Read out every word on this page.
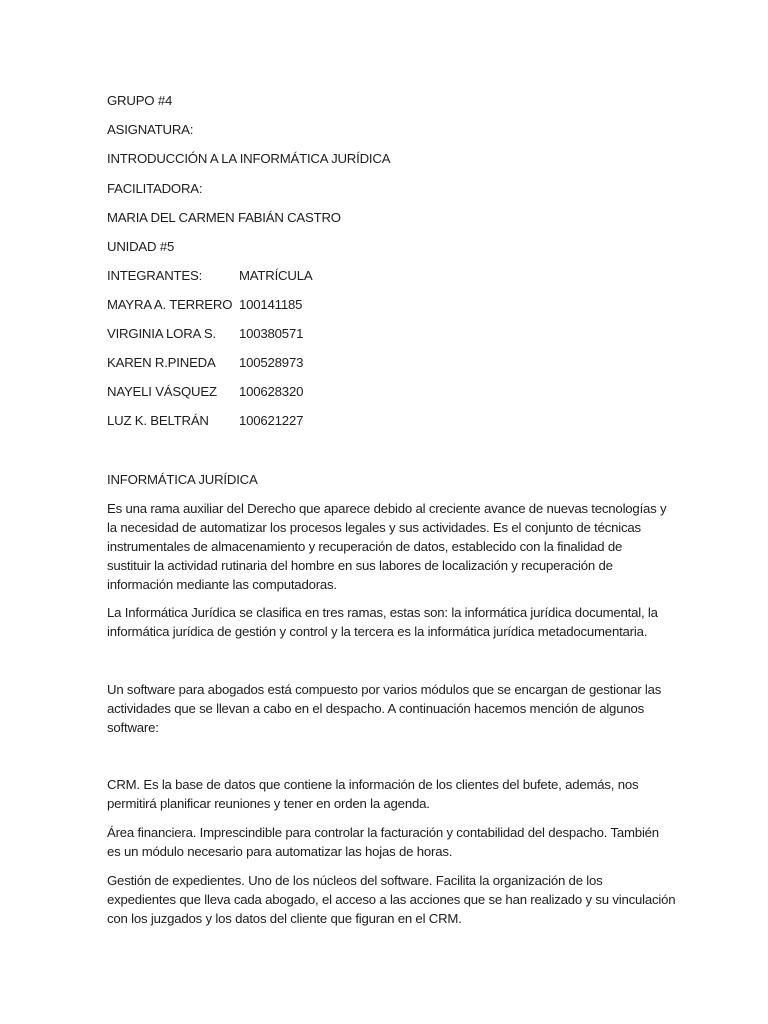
GRUPO #4
ASIGNATURA:
INTRODUCCIÓN A LA INFORMÁTICA JURÍDICA
FACILITADORA:
MARIA DEL CARMEN FABIÁN CASTRO
UNIDAD #5
INTEGRANTES:	MATRÍCULA
MAYRA A. TERRERO 100141185
VIRGINIA LORA S. 100380571
KAREN R.PINEDA 100528973
NAYELI VÁSQUEZ 100628320
LUZ K. BELTRÁN 100621227
INFORMÁTICA JURÍDICA
Es una rama auxiliar del Derecho que aparece debido al creciente avance de nuevas tecnologías y
la necesidad de automatizar los procesos legales y sus actividades. Es el conjunto de técnicas
instrumentales de almacenamiento y recuperación de datos, establecido con la finalidad de
sustituir la actividad rutinaria del hombre en sus labores de localización y recuperación de
información mediante las computadoras.
La Informática Jurídica se clasifica en tres ramas, estas son: la informática jurídica documental, la
informática jurídica de gestión y control y la tercera es la informática jurídica metadocumentaria.
Un software para abogados está compuesto por varios módulos que se encargan de gestionar las
actividades que se llevan a cabo en el despacho. A continuación hacemos mención de algunos
software:
CRM. Es la base de datos que contiene la información de los clientes del bufete, además, nos
permitirá planificar reuniones y tener en orden la agenda.
Área financiera. Imprescindible para controlar la facturación y contabilidad del despacho. También
es un módulo necesario para automatizar las hojas de horas.
Gestión de expedientes. Uno de los núcleos del software. Facilita la organización de los
expedientes que lleva cada abogado, el acceso a las acciones que se han realizado y su vinculación
con los juzgados y los datos del cliente que figuran en el CRM.
